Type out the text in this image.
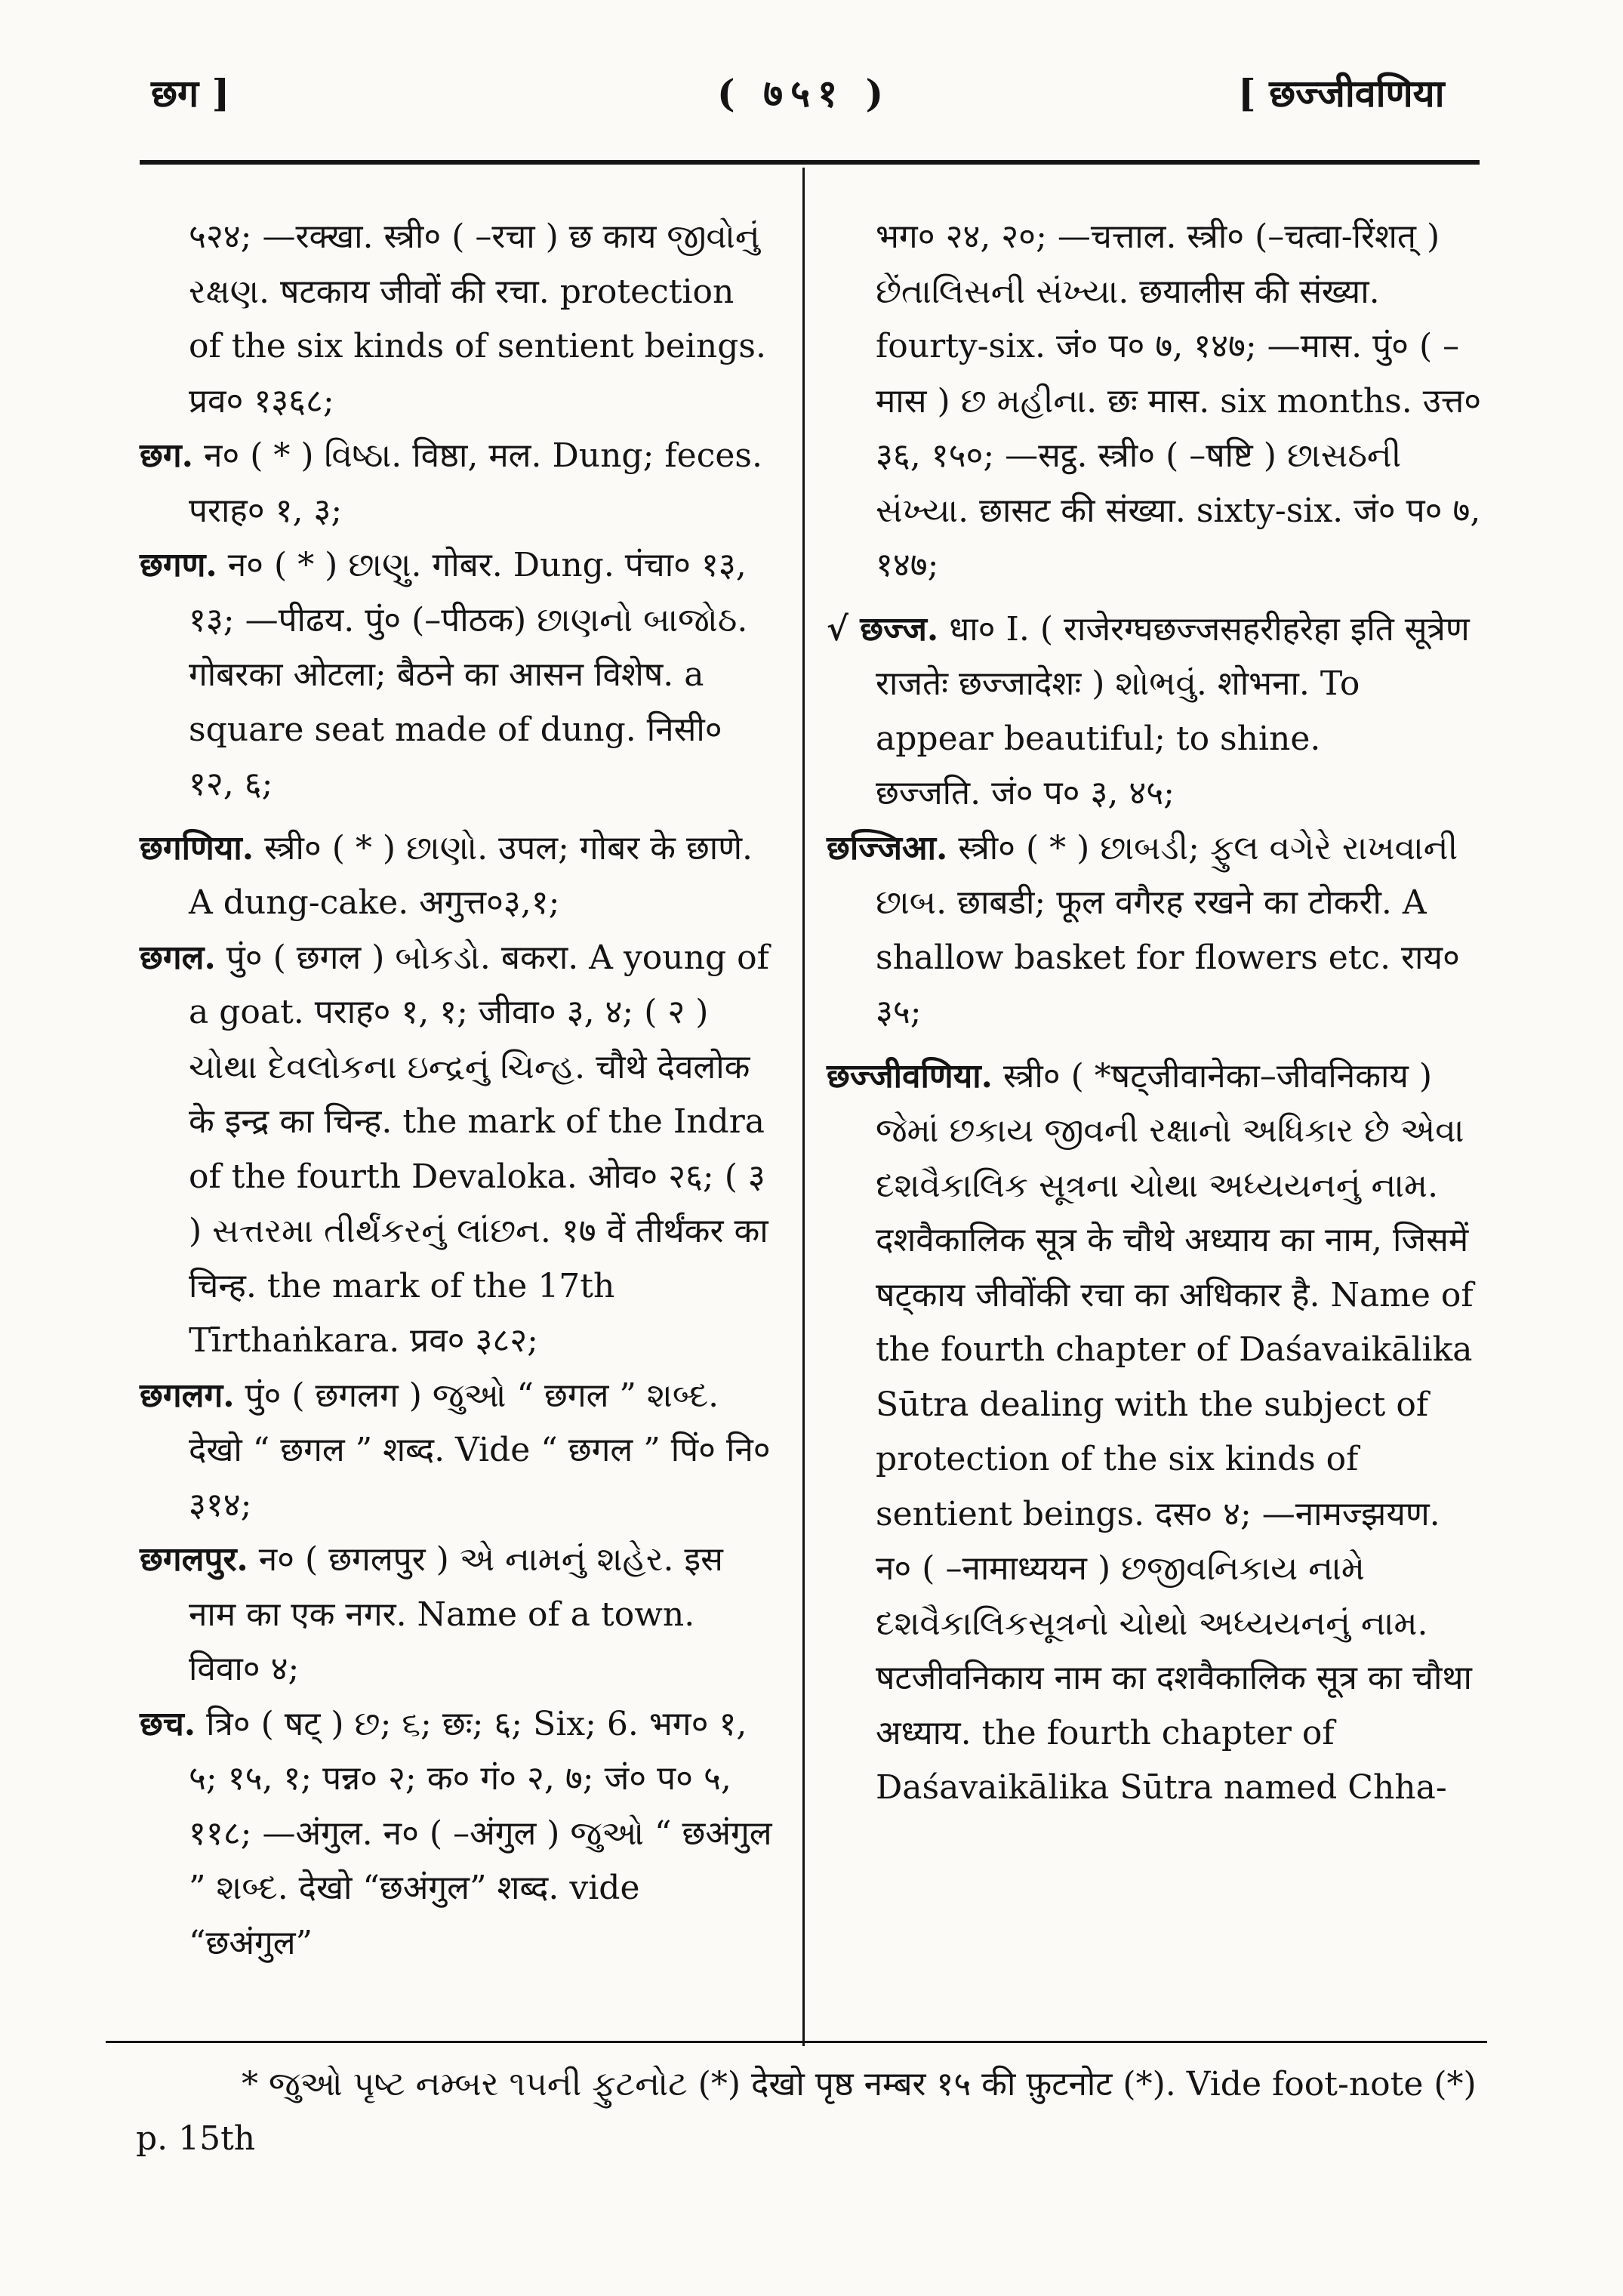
छग ]	( ७५१ )	[ छज्जीवणिया

५२४; —रक्खा. स्त्री० ( –रचा ) छ काय જીવોનું રક્ષણ. षटकाय जीवों की रचा. protection of the six kinds of sentient beings. प्रव० १३६८;

छग. न० ( * ) વિષ્ઠા. विष्ठा, मल. Dung; feces. पराह० १, ३;

छगण. न० ( * ) છાણુ. गोबर. Dung. पंचा० १३, १३; —पीढय. पुं० (–पीठक) છાણનો બાજોઠ. गोबरका ओटला; बैठने का आसन विशेष. a square seat made of dung. निसी० १२, ६;

छगणिया. स्त्री० ( * ) છાણો. उपल; गोबर के छाणे. A dung-cake. अगुत्त०३,१;

छगल. पुं० ( छगल ) બોકડો. बकरा. A young of a goat. पराह० १, १; जीवा० ३, ४; ( २ ) ચોથા દેવલોકના ઇન્દ્રનું ચિન્હ. चौथे देवलोक के इन्द्र का चिन्ह. the mark of the Indra of the fourth Devaloka. ओव० २६; ( ३ ) સત્તરમા તીર્થંકરનું લાંછન. १७ वें तीर्थंकर का चिन्ह. the mark of the 17th Tīrthaṅkara. प्रव० ३८२;

छगलग. पुं० ( छगलग ) જુઓ “ छगल ” શબ્દ. देखो “ छगल ” शब्द. Vide “ छगल ” पिं० नि० ३१४;

छगलपुर. न० ( छगलपुर ) એ નામનું શહેર. इस नाम का एक नगर. Name of a town. विवा० ४;

छच. त्रि० ( षट् ) છ; ૬; छः; ६; Six; 6. भग० १, ५; १५, १; पन्न० २; क० गं० २, ७; जं० प० ५, ११८; —अंगुल. न० ( –अंगुल ) જુઓ “ छअंगुल ” શબ્દ. देखो “छअंगुल” शब्द. vide “छअंगुल”

भग० २४, २०; —चत्ताल. स्त्री० (–चत्वा-रिंशत् ) છેંતાલિસની સંખ્યા. छयालीस की संख्या. fourty-six. जं० प० ७, १४७; —मास. पुं० ( –मास ) છ મહીના. छः मास. six months. उत्त० ३६, १५०; —सट्ठ. स्त्री० ( –षष्टि ) છાસઠની સંખ્યા. छासट की संख्या. sixty-six. जं० प० ७, १४७;

√ छज्ज. धा० I. ( राजेरग्घछज्जसहरीहरेहा इति सूत्रेण राजतेः छज्जादेशः ) શોભવું. शोभना. To appear beautiful; to shine.

छज्जति. जं० प० ३, ४५;

छज्जिआ. स्त्री० ( * ) છાબડી; ફુલ વગેરે રાખવાની છાબ. छाबडी; फूल वगैरह रखने का टोकरी. A shallow basket for flowers etc. राय० ३५;

छज्जीवणिया. स्त्री० ( *षट्जीवानेका–जीवनिकाय ) જેમાં છકાય જીવની રક્ષાનો અધિકાર છે એવા દશવૈકાલિક સૂત્રના ચોથા અધ્યયનનું નામ. दशवैकालिक सूत्र के चौथे अध्याय का नाम, जिसमें षट्काय जीवोंकी रचा का अधिकार है. Name of the fourth chapter of Daśavaikālika Sūtra dealing with the subject of protection of the six kinds of sentient beings. दस० ४; —नामज्झयण. न० ( –नामाध्ययन ) છજીવનિકાય નામે દશવૈકાલિકસૂત્રનો ચોથો અધ્યયનનું નામ. षटजीवनिकाय नाम का दशवैकालिक सूत्र का चौथा अध्याय. the fourth chapter of Daśavaikālika Sūtra named Chha-

* જુઓ પૃષ્ટ નમ્બર ૧૫ની ફુટનોટ (*) देखो पृष्ठ नम्बर १५ की फ़ुटनोट (*). Vide foot-note (*) p. 15th
